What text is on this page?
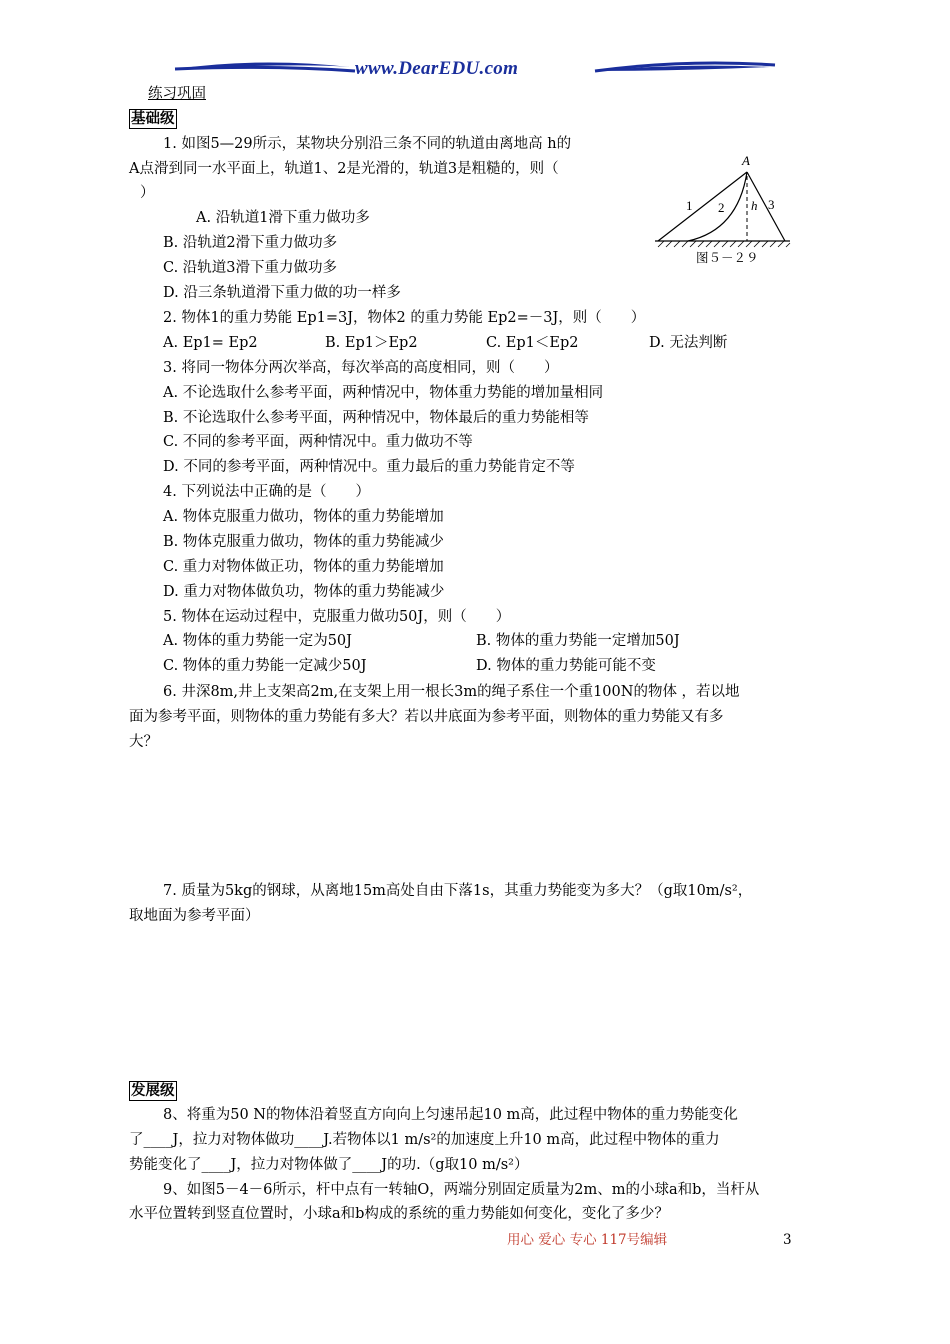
www.DearEDU.com
练习巩固
基础级
1. 如图5—29所示，某物块分别沿三条不同的轨道由离地高 h的
A点滑到同一水平面上，轨道1、2是光滑的，轨道3是粗糙的，则（
）
A. 沿轨道1滑下重力做功多
B. 沿轨道2滑下重力做功多
C. 沿轨道3滑下重力做功多
D. 沿三条轨道滑下重力做的功一样多
A
1 2 h 3
图５－２９
2. 物体1的重力势能 Ep1=3J，物体2 的重力势能 Ep2=－3J，则（　　）
A. Ep1= Ep2	B. Ep1＞Ep2	C. Ep1＜Ep2	D. 无法判断
3. 将同一物体分两次举高，每次举高的高度相同，则（　　）
A. 不论选取什么参考平面，两种情况中，物体重力势能的增加量相同
B. 不论选取什么参考平面，两种情况中，物体最后的重力势能相等
C. 不同的参考平面，两种情况中。重力做功不等
D. 不同的参考平面，两种情况中。重力最后的重力势能肯定不等
4. 下列说法中正确的是（　　）
A. 物体克服重力做功，物体的重力势能增加
B. 物体克服重力做功，物体的重力势能减少
C. 重力对物体做正功，物体的重力势能增加
D. 重力对物体做负功，物体的重力势能减少
5. 物体在运动过程中，克服重力做功50J，则（　　）
A. 物体的重力势能一定为50J	B. 物体的重力势能一定增加50J
C. 物体的重力势能一定减少50J	D. 物体的重力势能可能不变
6. 井深8m,井上支架高2m,在支架上用一根长3m的绳子系住一个重100N的物体 ，若以地
面为参考平面，则物体的重力势能有多大？若以井底面为参考平面，则物体的重力势能又有多
大？
7. 质量为5kg的钢球，从离地15m高处自由下落1s，其重力势能变为多大？（g取10m/s²，
取地面为参考平面）
发展级
8、将重为50 N的物体沿着竖直方向向上匀速吊起10 m高，此过程中物体的重力势能变化
了____J，拉力对物体做功____J.若物体以1 m/s²的加速度上升10 m高，此过程中物体的重力
势能变化了____J，拉力对物体做了____J的功.（g取10 m/s²）
9、如图5－4－6所示，杆中点有一转轴O，两端分别固定质量为2m、m的小球a和b，当杆从
水平位置转到竖直位置时，小球a和b构成的系统的重力势能如何变化，变化了多少？
用心 爱心 专心 117号编辑	3
